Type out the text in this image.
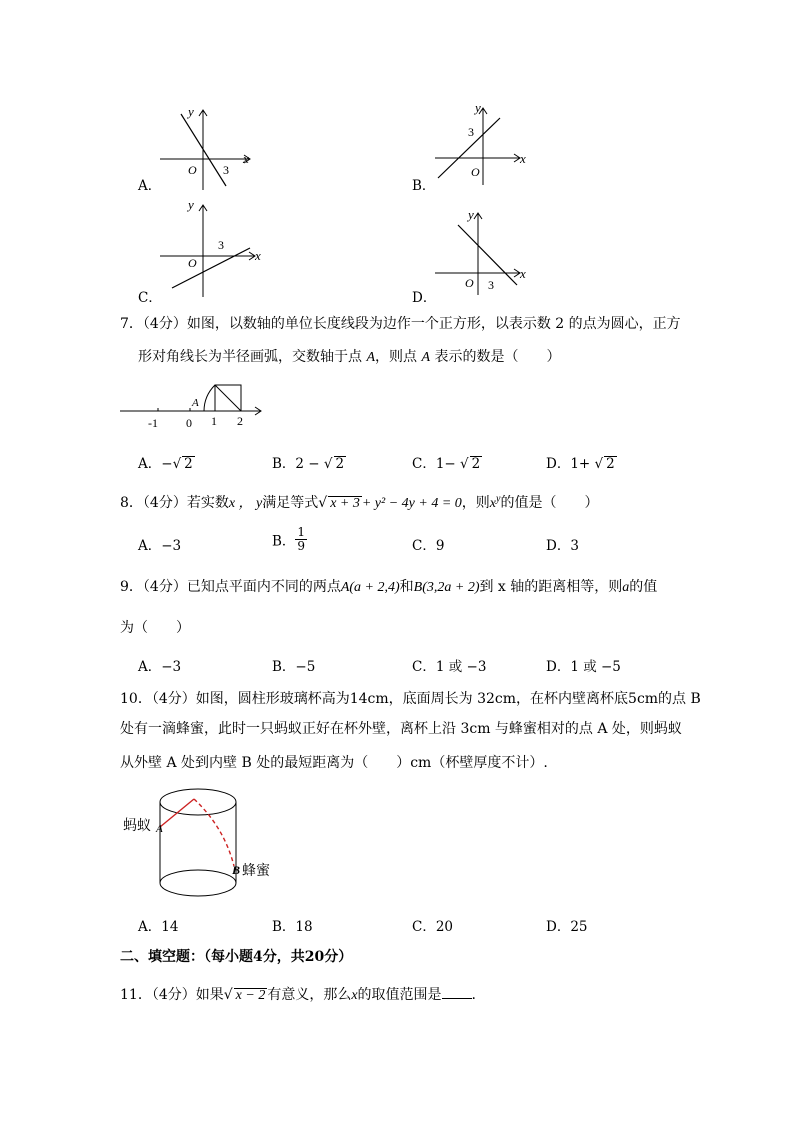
A．
x
y
O 3
B．
x
y
O
3
C．
x
y
O
3
D．
x
y
O 3
7．（4分）如图，以数轴的单位长度线段为边作一个正方形，以表示数 2 的点为圆心，正方
形对角线长为半径画弧，交数轴于点 A，则点 A 表示的数是（　　）
-1 0 1 2
A
A．−√ 2	B．2 − √ 2	C．1− √ 2	D．1+ √ 2
8．（4分）若实数x ， y满足等式√ x + 3 + y² − 4y + 4 = 0，则$x^y$的值是（　　）
A．−3	B． $\frac{1}{9}$	C．9	D．3
9．（4分）已知点平面内不同的两点A(a + 2,4)和B(3,2a + 2)到 x 轴的距离相等，则a的值
为（　　）
A．−3	B．−5	C．1 或 −3	D．1 或 −5
10．（4分）如图，圆柱形玻璃杯高为14cm，底面周长为 32cm，在杯内壁离杯底5cm的点 B
处有一滴蜂蜜，此时一只蚂蚁正好在杯外壁，离杯上沿 3cm 与蜂蜜相对的点 A 处，则蚂蚁
从外壁 A 处到内壁 B 处的最短距离为（　　）cm（杯壁厚度不计）.
蚂蚁 A
B 蜂蜜
A．14	B．18	C．20	D．25
二、填空题：（每小题4分，共20分）
11．（4分）如果√ x − 2 有意义，那么x的取值范围是 .
